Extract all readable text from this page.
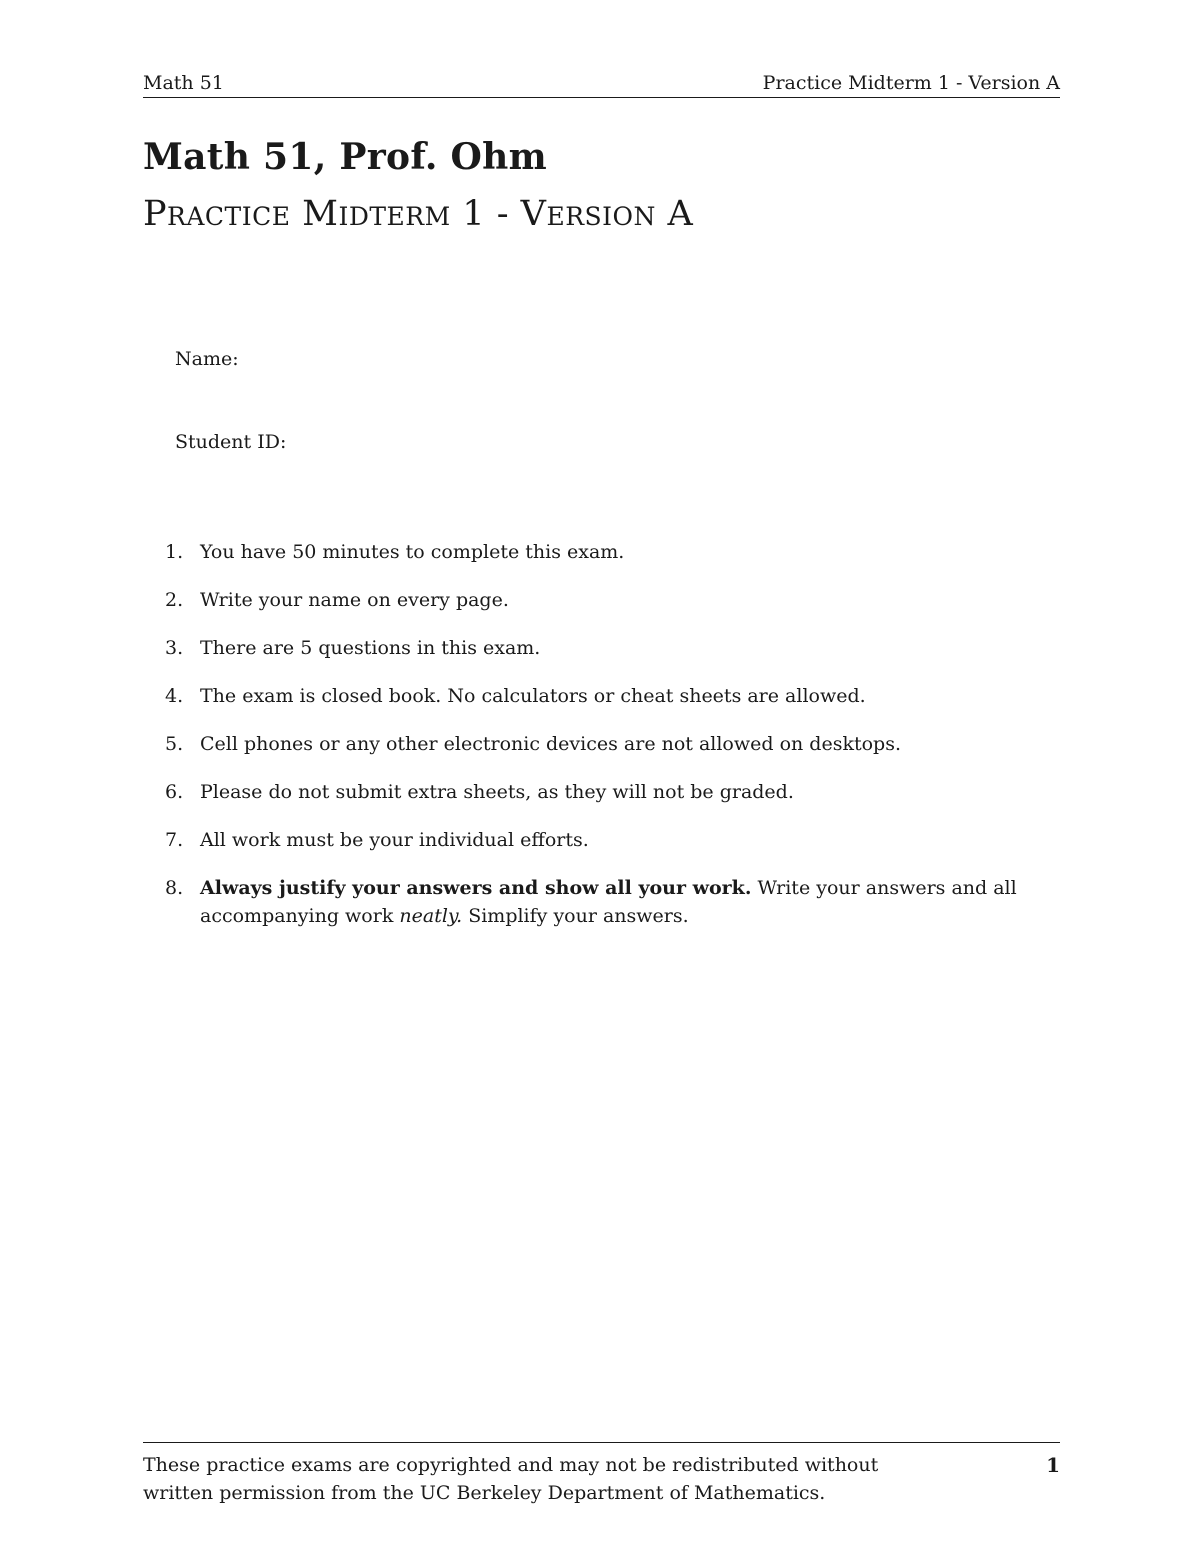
Math 51	Practice Midterm 1 - Version A
Math 51, Prof. Ohm
Practice Midterm 1 - Version A
Name:
Student ID:
1. You have 50 minutes to complete this exam.
2. Write your name on every page.
3. There are 5 questions in this exam.
4. The exam is closed book. No calculators or cheat sheets are allowed.
5. Cell phones or any other electronic devices are not allowed on desktops.
6. Please do not submit extra sheets, as they will not be graded.
7. All work must be your individual efforts.
8. Always justify your answers and show all your work. Write your answers and all accompanying work neatly. Simplify your answers.
These practice exams are copyrighted and may not be redistributed without
written permission from the UC Berkeley Department of Mathematics.
1
